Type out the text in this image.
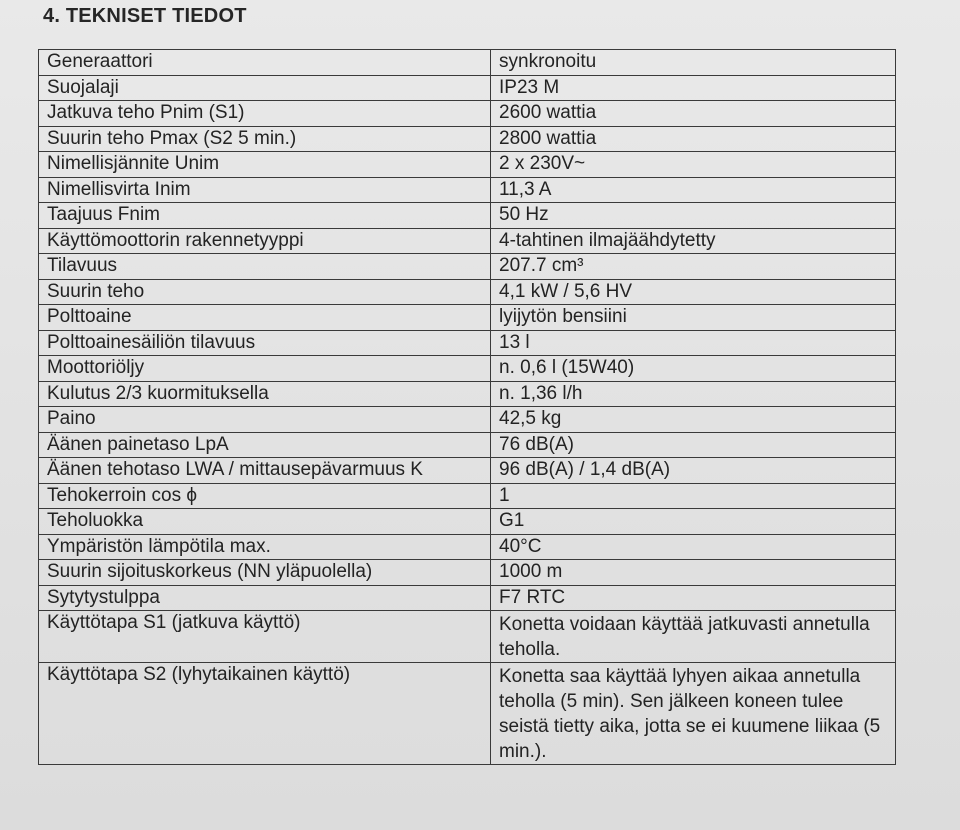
4. TEKNISET TIEDOT
Generaattori	synkronoitu
Suojalaji	IP23 M
Jatkuva teho Pnim (S1)	2600 wattia
Suurin teho Pmax (S2 5 min.)	2800 wattia
Nimellisjännite Unim	2 x 230V~
Nimellisvirta Inim	11,3 A
Taajuus Fnim	50 Hz
Käyttömoottorin rakennetyyppi	4-tahtinen ilmajäähdytetty
Tilavuus	207.7 cm³
Suurin teho	4,1 kW / 5,6 HV
Polttoaine	lyijytön bensiini
Polttoainesäiliön tilavuus	13 l
Moottoriöljy	n. 0,6 l (15W40)
Kulutus 2/3 kuormituksella	n. 1,36 l/h
Paino	42,5 kg
Äänen painetaso LpA	76 dB(A)
Äänen tehotaso LWA / mittausepävarmuus K	96 dB(A) / 1,4 dB(A)
Tehokerroin cos ϕ	1
Teholuokka	G1
Ympäristön lämpötila max.	40°C
Suurin sijoituskorkeus (NN yläpuolella)	1000 m
Sytytystulppa	F7 RTC
Käyttötapa S1 (jatkuva käyttö)	Konetta voidaan käyttää jatkuvasti annetulla teholla.
Käyttötapa S2 (lyhytaikainen käyttö)	Konetta saa käyttää lyhyen aikaa annetulla teholla (5 min). Sen jälkeen koneen tulee seistä tietty aika, jotta se ei kuumene liikaa (5 min.).
